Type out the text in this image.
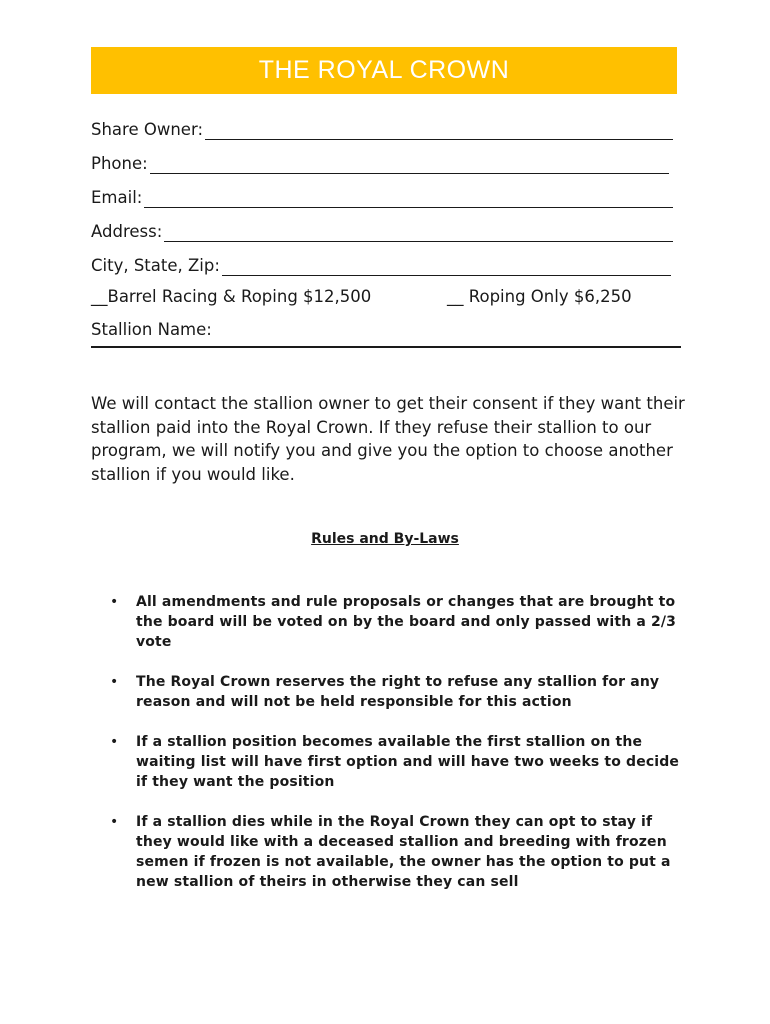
THE ROYAL CROWN
Share Owner:
Phone:
Email:
Address:
City, State, Zip:
__Barrel Racing & Roping $12,500	__ Roping Only $6,250
Stallion Name:
We will contact the stallion owner to get their consent if they want their stallion paid into the Royal Crown. If they refuse their stallion to our program, we will notify you and give you the option to choose another stallion if you would like.
Rules and By-Laws
• All amendments and rule proposals or changes that are brought to the board will be voted on by the board and only passed with a 2/3 vote
• The Royal Crown reserves the right to refuse any stallion for any reason and will not be held responsible for this action
• If a stallion position becomes available the first stallion on the waiting list will have first option and will have two weeks to decide if they want the position
• If a stallion dies while in the Royal Crown they can opt to stay if they would like with a deceased stallion and breeding with frozen semen if frozen is not available, the owner has the option to put a new stallion of theirs in otherwise they can sell
